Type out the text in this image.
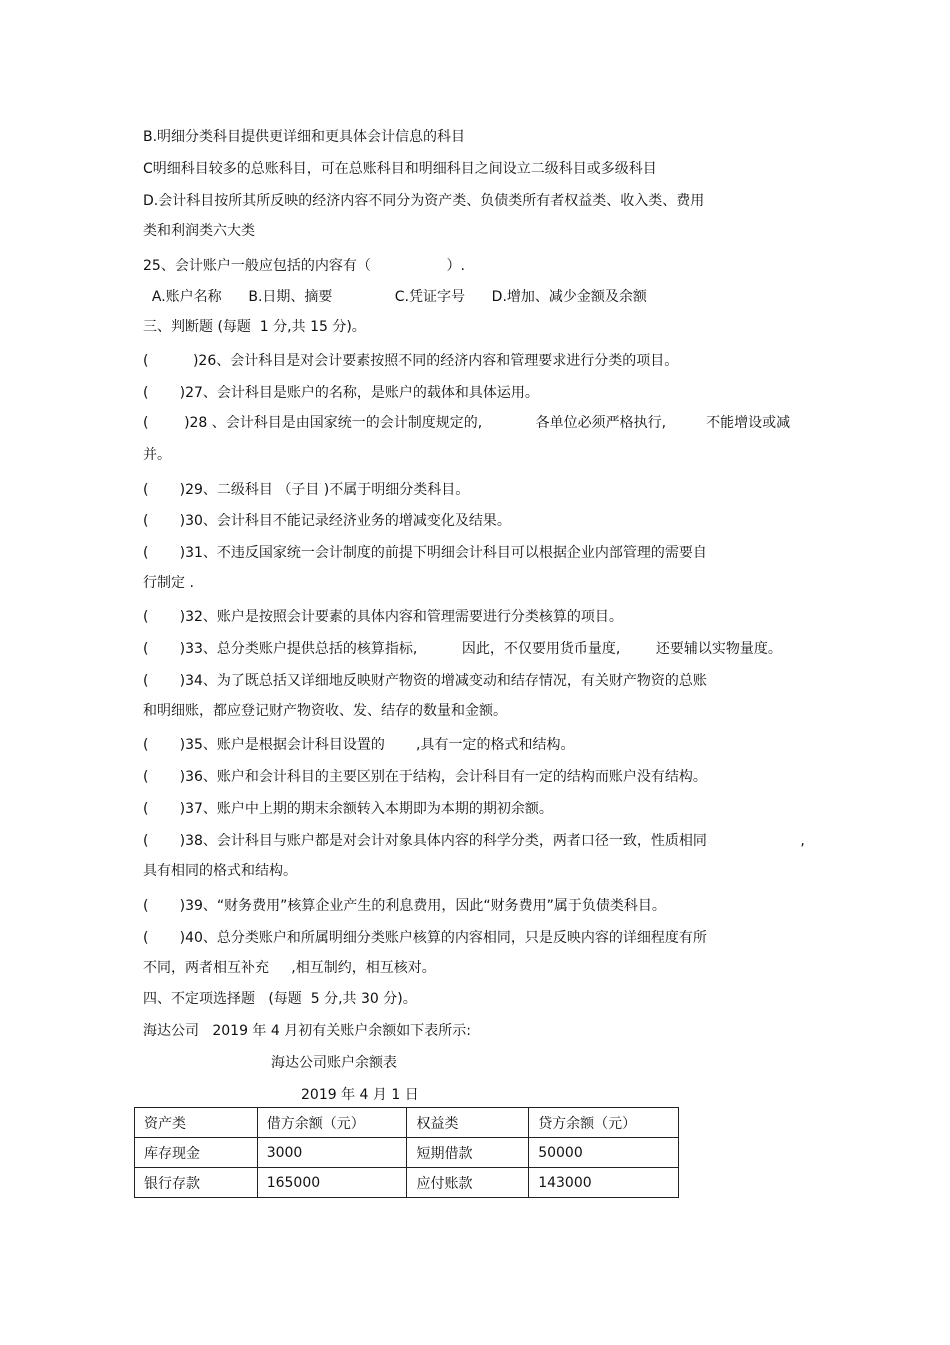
B.明细分类科目提供更详细和更具体会计信息的科目
C明细科目较多的总账科目，可在总账科目和明细科目之间设立二级科目或多级科目
D.会计科目按所其所反映的经济内容不同分为资产类、负债类所有者权益类、收入类、费用
类和利润类六大类
25、会计账户一般应包括的内容有（                 ）.
A.账户名称      B.日期、摘要              C.凭证字号      D.增加、减少金额及余额
三、判断题 (每题  1 分,共 15 分)。
(          )26、会计科目是对会计要素按照不同的经济内容和管理要求进行分类的项目。
(       )27、会计科目是账户的名称，是账户的载体和具体运用。
(        )28 、会计科目是由国家统一的会计制度规定的,            各单位必须严格执行,         不能增设或减
并。
(       )29、二级科目 （子目 )不属于明细分类科目。
(       )30、会计科目不能记录经济业务的增减变化及结果。
(       )31、不违反国家统一会计制度的前提下明细会计科目可以根据企业内部管理的需要自
行制定 .
(       )32、账户是按照会计要素的具体内容和管理需要进行分类核算的项目。
(       )33、总分类账户提供总括的核算指标,          因此，不仅要用货币量度,        还要辅以实物量度。
(       )34、为了既总括又详细地反映财产物资的增减变动和结存情况，有关财产物资的总账
和明细账，都应登记财产物资收、发、结存的数量和金额。
(       )35、账户是根据会计科目设置的       ,具有一定的格式和结构。
(       )36、账户和会计科目的主要区别在于结构，会计科目有一定的结构而账户没有结构。
(       )37、账户中上期的期末余额转入本期即为本期的期初余额。
(       )38、会计科目与账户都是对会计对象具体内容的科学分类，两者口径一致，性质相同                     ,
具有相同的格式和结构。
(       )39、“财务费用”核算企业产生的利息费用，因此“财务费用”属于负债类科目。
(       )40、总分类账户和所属明细分类账户核算的内容相同，只是反映内容的详细程度有所
不同，两者相互补充     ,相互制约，相互核对。
四、不定项选择题   (每题  5 分,共 30 分)。
海达公司   2019 年 4 月初有关账户余额如下表所示:
海达公司账户余额表
2019 年 4 月 1 日
资产类	借方余额（元）	权益类	贷方余额（元）
库存现金	3000	短期借款	50000
银行存款	165000	应付账款	143000
